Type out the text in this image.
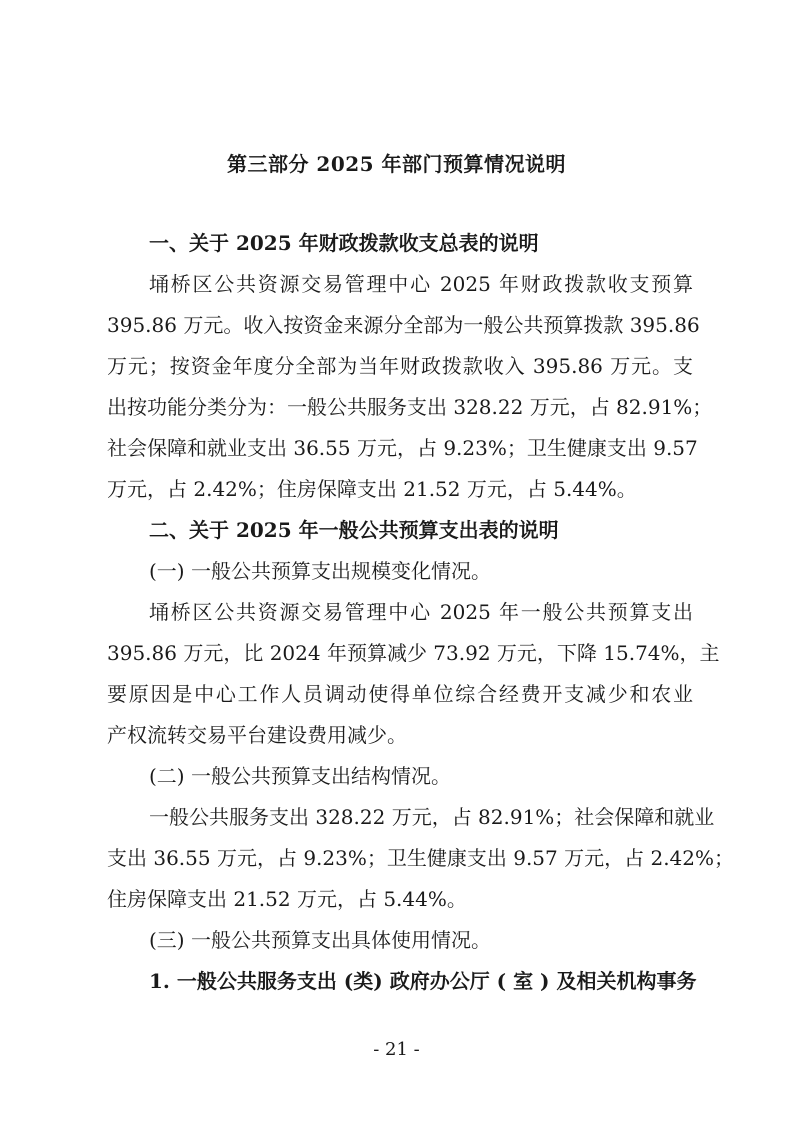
第三部分 2025 年部门预算情况说明

一、关于 2025 年财政拨款收支总表的说明

埇桥区公共资源交易管理中心 2025 年财政拨款收支预算

395.86 万元。收入按资金来源分全部为一般公共预算拨款 395.86

万元；按资金年度分全部为当年财政拨款收入 395.86 万元。支

出按功能分类分为：一般公共服务支出 328.22 万元，占 82.91%；

社会保障和就业支出 36.55 万元，占 9.23%；卫生健康支出 9.57

万元，占 2.42%；住房保障支出 21.52 万元，占 5.44%。

二、关于 2025 年一般公共预算支出表的说明

(一) 一般公共预算支出规模变化情况。

埇桥区公共资源交易管理中心 2025 年一般公共预算支出

395.86 万元，比 2024 年预算减少 73.92 万元，下降 15.74%，主

要原因是中心工作人员调动使得单位综合经费开支减少和农业

产权流转交易平台建设费用减少。

(二) 一般公共预算支出结构情况。

一般公共服务支出 328.22 万元，占 82.91%；社会保障和就业

支出 36.55 万元，占 9.23%；卫生健康支出 9.57 万元，占 2.42%；

住房保障支出 21.52 万元，占 5.44%。

(三) 一般公共预算支出具体使用情况。

1. 一般公共服务支出 (类) 政府办公厅 ( 室 ) 及相关机构事务

- 21 -
